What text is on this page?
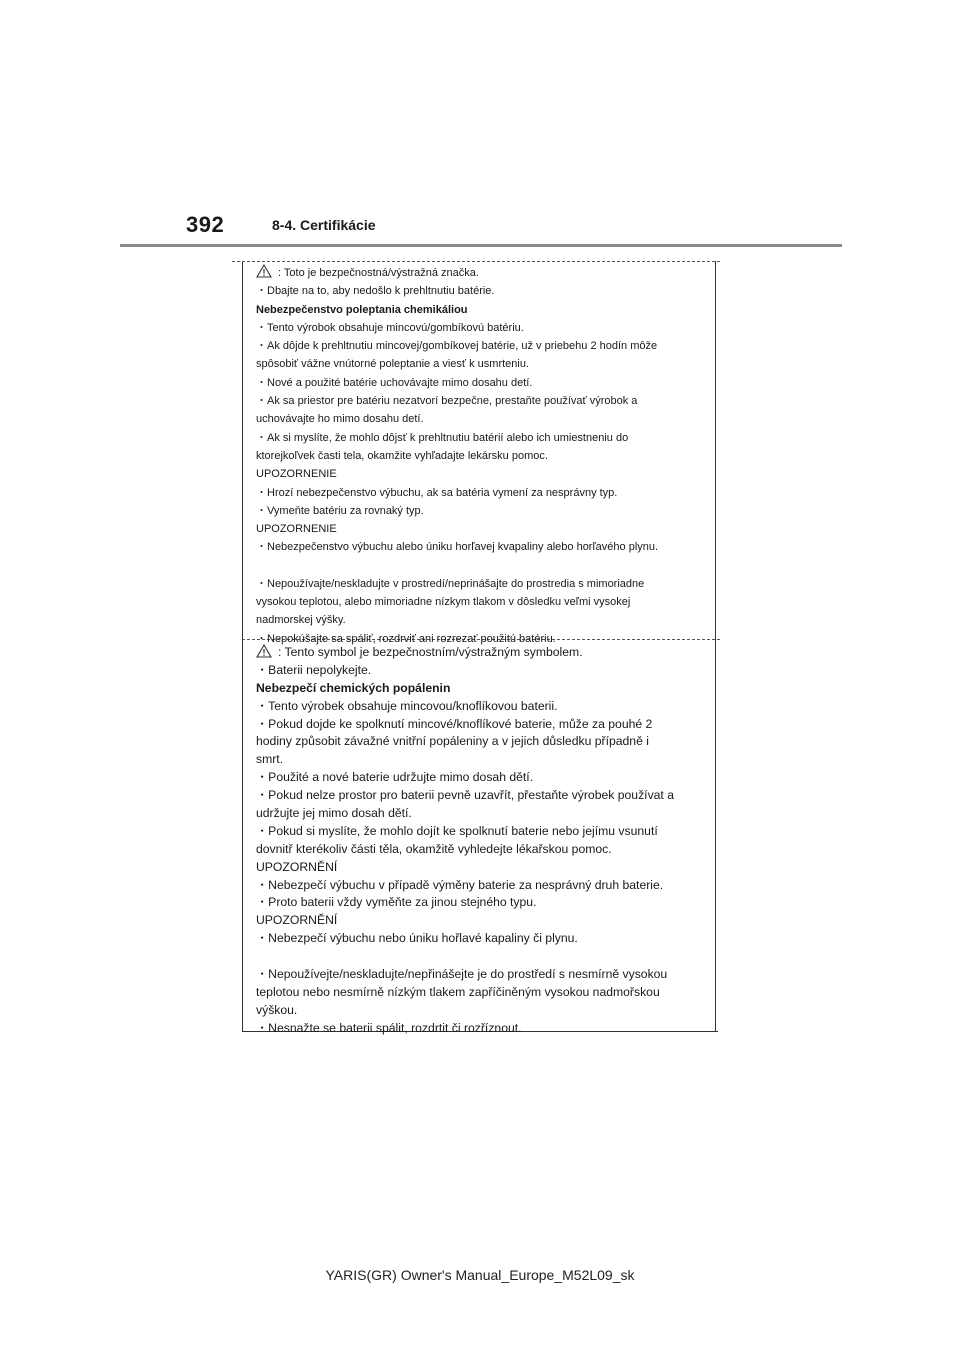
392	8-4. Certifikácie
: Toto je bezpečnostná/výstražná značka.
・Dbajte na to, aby nedošlo k prehltnutiu batérie.
Nebezpečenstvo poleptania chemikáliou
・Tento výrobok obsahuje mincovú/gombíkovú batériu.
・Ak dôjde k prehltnutiu mincovej/gombíkovej batérie, už v priebehu 2 hodín môže
spôsobiť vážne vnútorné poleptanie a viesť k usmrteniu.
・Nové a použité batérie uchovávajte mimo dosahu detí.
・Ak sa priestor pre batériu nezatvorí bezpečne, prestaňte používať výrobok a
uchovávajte ho mimo dosahu detí.
・Ak si myslíte, že mohlo dôjsť k prehltnutiu batérií alebo ich umiestneniu do
ktorejkoľvek časti tela, okamžite vyhľadajte lekársku pomoc.
UPOZORNENIE
・Hrozí nebezpečenstvo výbuchu, ak sa batéria vymení za nesprávny typ.
・Vymeňte batériu za rovnaký typ.
UPOZORNENIE
・Nebezpečenstvo výbuchu alebo úniku horľavej kvapaliny alebo horľavého plynu.
・Nepoužívajte/neskladujte v prostredí/neprinášajte do prostredia s mimoriadne
vysokou teplotou, alebo mimoriadne nízkym tlakom v dôsledku veľmi vysokej
nadmorskej výšky.
・Nepokúšajte sa spáliť, rozdrviť ani rozrezať použitú batériu.
: Tento symbol je bezpečnostním/výstražným symbolem.
・Baterii nepolykejte.
Nebezpečí chemických popálenin
・Tento výrobek obsahuje mincovou/knoflíkovou baterii.
・Pokud dojde ke spolknutí mincové/knoflíkové baterie, může za pouhé 2
hodiny způsobit závažné vnitřní popáleniny a v jejich důsledku případně i
smrt.
・Použité a nové baterie udržujte mimo dosah dětí.
・Pokud nelze prostor pro baterii pevně uzavřít, přestaňte výrobek používat a
udržujte jej mimo dosah dětí.
・Pokud si myslíte, že mohlo dojít ke spolknutí baterie nebo jejímu vsunutí
dovnitř kterékoliv části těla, okamžitě vyhledejte lékařskou pomoc.
UPOZORNĚNÍ
・Nebezpečí výbuchu v případě výměny baterie za nesprávný druh baterie.
・Proto baterii vždy vyměňte za jinou stejného typu.
UPOZORNĚNÍ
・Nebezpečí výbuchu nebo úniku hořlavé kapaliny či plynu.
・Nepoužívejte/neskladujte/nepřinášejte je do prostředí s nesmírně vysokou
teplotou nebo nesmírně nízkým tlakem zapříčiněným vysokou nadmořskou
výškou.
・Nesnažte se baterii spálit, rozdrtit či rozříznout.
YARIS(GR) Owner's Manual_Europe_M52L09_sk
